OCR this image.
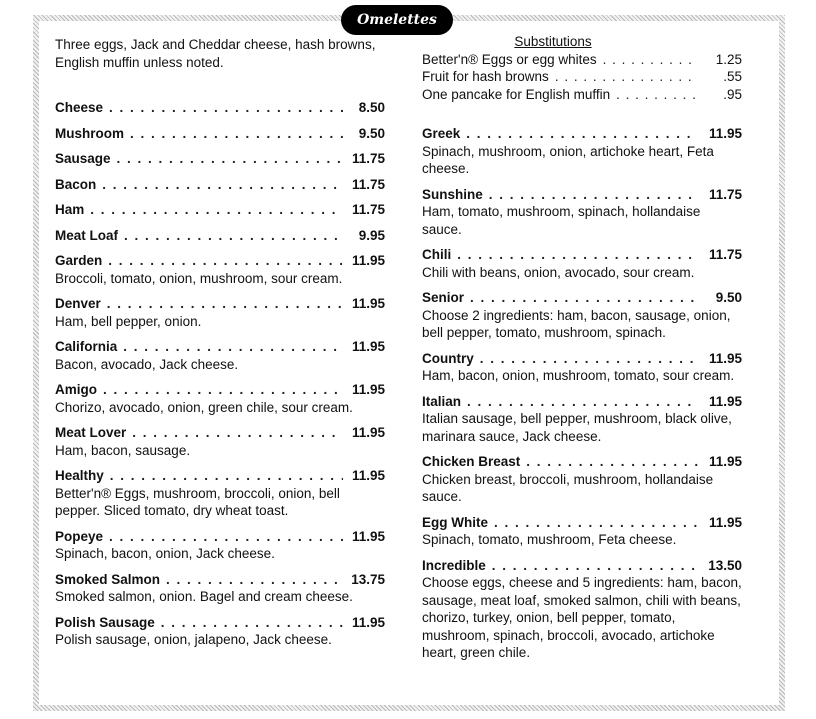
Omelettes
Three eggs, Jack and Cheddar cheese, hash browns, English muffin unless noted.
Cheese . . .	8.50
Mushroom . . .	9.50
Sausage . . .	11.75
Bacon . . .	11.75
Ham . . .	11.75
Meat Loaf . . .	9.95
Garden . . .	11.95
Broccoli, tomato, onion, mushroom, sour cream.
Denver . . .	11.95
Ham, bell pepper, onion.
California . . .	11.95
Bacon, avocado, Jack cheese.
Amigo . . .	11.95
Chorizo, avocado, onion, green chile, sour cream.
Meat Lover . . .	11.95
Ham, bacon, sausage.
Healthy . . .	11.95
Better'n® Eggs, mushroom, broccoli, onion, bell pepper. Sliced tomato, dry wheat toast.
Popeye . . .	11.95
Spinach, bacon, onion, Jack cheese.
Smoked Salmon . . .	13.75
Smoked salmon, onion. Bagel and cream cheese.
Polish Sausage . . .	11.95
Polish sausage, onion, jalapeno, Jack cheese.
Substitutions
Better'n® Eggs or egg whites . . .	1.25
Fruit for hash browns . . .	.55
One pancake for English muffin . . .	.95
Greek . . .	11.95
Spinach, mushroom, onion, artichoke heart, Feta cheese.
Sunshine . . .	11.75
Ham, tomato, mushroom, spinach, hollandaise sauce.
Chili . . .	11.75
Chili with beans, onion, avocado, sour cream.
Senior . . .	9.50
Choose 2 ingredients: ham, bacon, sausage, onion, bell pepper, tomato, mushroom, spinach.
Country . . .	11.95
Ham, bacon, onion, mushroom, tomato, sour cream.
Italian . . .	11.95
Italian sausage, bell pepper, mushroom, black olive, marinara sauce, Jack cheese.
Chicken Breast . . .	11.95
Chicken breast, broccoli, mushroom, hollandaise sauce.
Egg White . . .	11.95
Spinach, tomato, mushroom, Feta cheese.
Incredible . . .	13.50
Choose eggs, cheese and 5 ingredients: ham, bacon, sausage, meat loaf, smoked salmon, chili with beans, chorizo, turkey, onion, bell pepper, tomato, mushroom, spinach, broccoli, avocado, artichoke heart, green chile.
